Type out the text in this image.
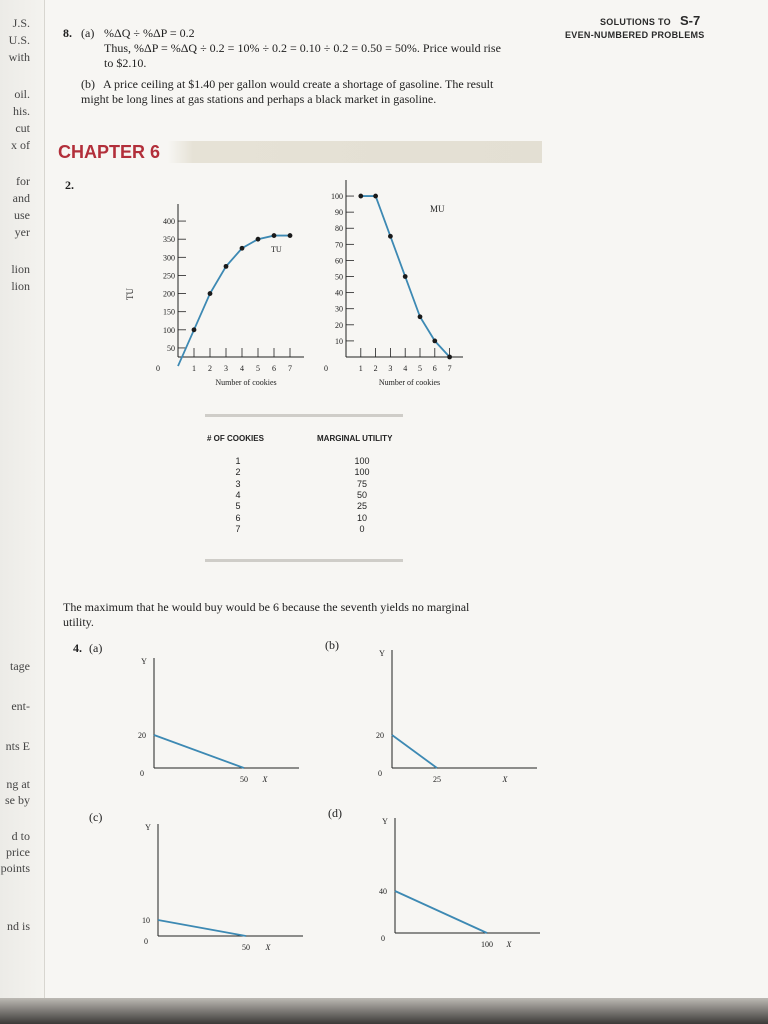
J.S.
U.S.
with
oil.
his.
cut
x of
for
and
use
yer
lion
lion
tage
ent-
nts E
ng at
se by
d to
price
points
nd is
SOLUTIONS TO S-7
EVEN-NUMBERED PROBLEMS
8. (a) %ΔQ ÷ %ΔP = 0.2
Thus, %ΔP = %ΔQ ÷ 0.2 = 10% ÷ 0.2 = 0.10 ÷ 0.2 = 0.50 = 50%. Price would rise
to $2.10.
(b) A price ceiling at $1.40 per gallon would create a shortage of gasoline. The result
might be long lines at gas stations and perhaps a black market in gasoline.
CHAPTER 6
2.
50
100
150
200
250
300
350
400
0	1 2 3 4 5 6 7
Number of cookies
TU
TU
10
20
30
40
50
60
70
80
90
100
0	1 2 3 4 5 6 7
Number of cookies
MU
Y
X
0
20
50
Y
X
0
20
25
Y
X
0
10
50
Y
X
0
40
100
# OF COOKIES	MARGINAL UTILITY
1	100
2	100
3	75
4	50
5	25
6	10
7	0
The maximum that he would buy would be 6 because the seventh yields no marginal
utility.
4. (a)	(b)
(c)	(d)
